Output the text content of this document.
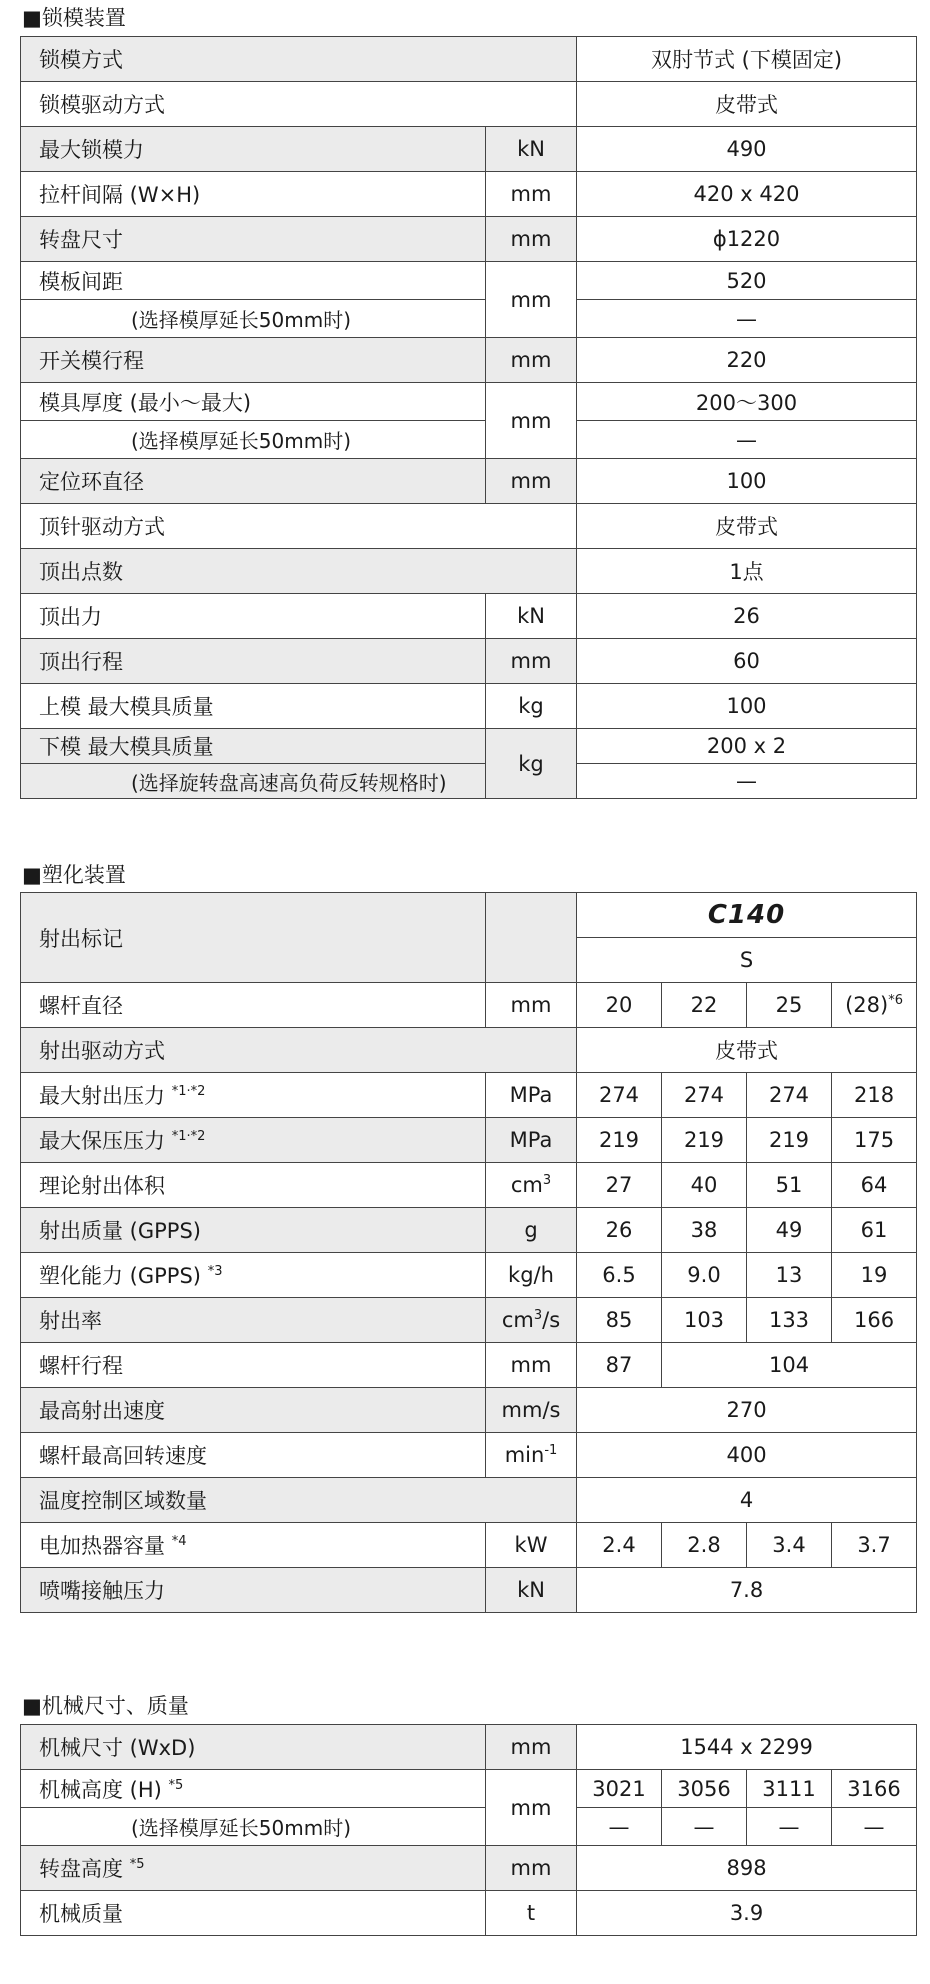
■锁模装置
锁模方式		双肘节式 (下模固定)
锁模驱动方式		皮带式
最大锁模力	kN	490
拉杆间隔 (W×H)	mm	420 x 420
转盘尺寸	mm	ϕ1220
模板间距	mm	520
(选择模厚延长50mm时)		—
开关模行程	mm	220
模具厚度 (最小～最大)	mm	200～300
(选择模厚延长50mm时)		—
定位环直径	mm	100
顶针驱动方式		皮带式
顶出点数		1点
顶出力	kN	26
顶出行程	mm	60
上模 最大模具质量	kg	100
下模 最大模具质量	kg	200 x 2
(选择旋转盘高速高负荷反转规格时)		—
■塑化装置
射出标记		C140			
		S			
螺杆直径	mm	20	22	25	$(28)^{*6}$
射出驱动方式		皮带式			
最大射出压力 $^{*1\cdot*2}$	MPa	274	274	274	218
最大保压压力 $^{*1\cdot*2}$	MPa	219	219	219	175
理论射出体积	$cm^3$	27	40	51	64
射出质量 (GPPS)	g	26	38	49	61
塑化能力 (GPPS) $^{*3}$	kg/h	6.5	9.0	13	19
射出率	$cm^3/s$	85	103	133	166
螺杆行程	mm	87	104		
最高射出速度	mm/s	270			
螺杆最高回转速度	$\min^{-1}$	400			
温度控制区域数量		4			
电加热器容量 $^{*4}$	kW	2.4	2.8	3.4	3.7
喷嘴接触压力	kN	7.8			
■机械尺寸、质量
机械尺寸 (WxD)	mm	1544 x 2299			
机械高度 (H) $^{*5}$	mm	3021	3056	3111	3166
(选择模厚延长50mm时)		—	—	—	—
转盘高度 $^{*5}$	mm	898			
机械质量	t	3.9			
